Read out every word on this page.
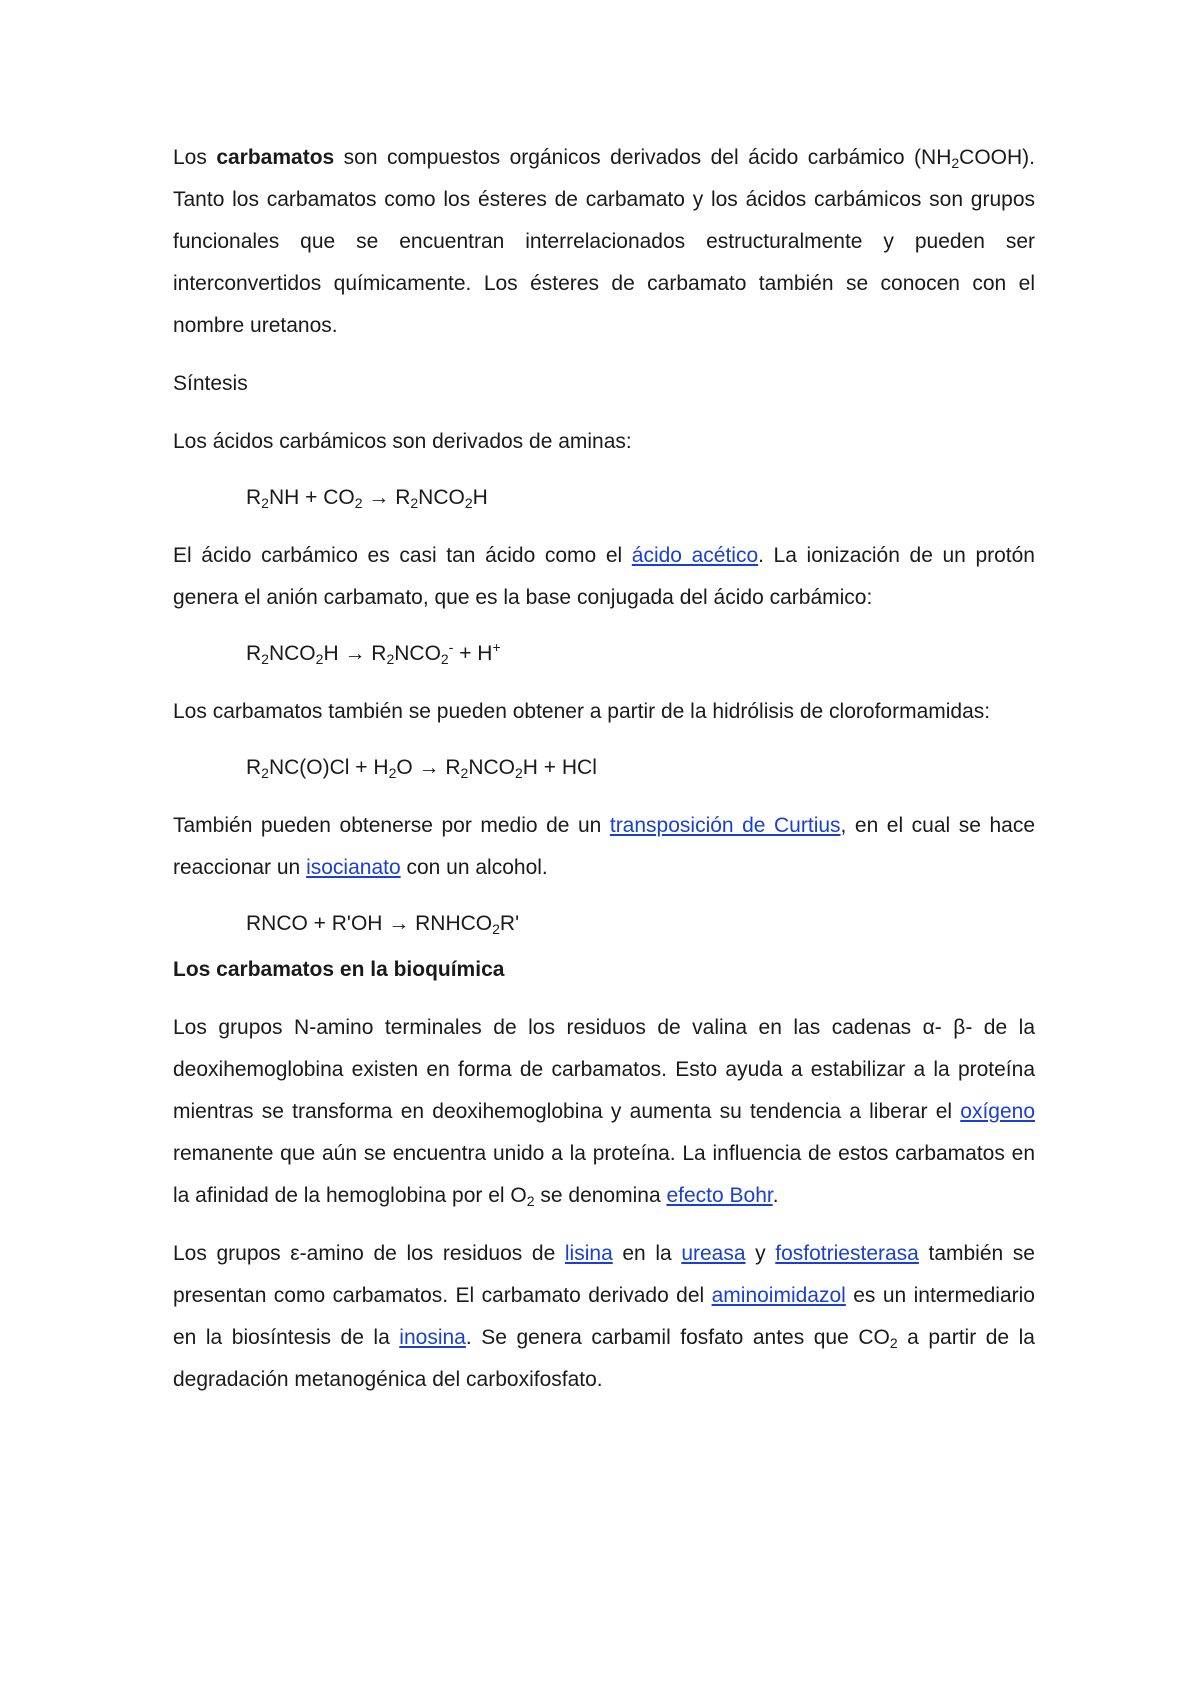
Los carbamatos son compuestos orgánicos derivados del ácido carbámico $(NH_2COOH)$. Tanto los carbamatos como los ésteres de carbamato y los ácidos carbámicos son grupos funcionales que se encuentran interrelacionados estructuralmente y pueden ser interconvertidos químicamente. Los ésteres de carbamato también se conocen con el nombre uretanos.

Síntesis

Los ácidos carbámicos son derivados de aminas:

$R_2NH + CO_2 \to R_2NCO_2H$

El ácido carbámico es casi tan ácido como el ácido acético. La ionización de un protón genera el anión carbamato, que es la base conjugada del ácido carbámico:

$R_2NCO_2H \to R_2NCO_2^- + H^+$

Los carbamatos también se pueden obtener a partir de la hidrólisis de cloroformamidas:

$R_2NC(O)Cl + H_2O \to R_2NCO_2H$ + HCl

También pueden obtenerse por medio de un transposición de Curtius, en el cual se hace reaccionar un isocianato con un alcohol.

RNCO + $R'OH \to RNHCO_2R'$

Los carbamatos en la bioquímica

Los grupos N-amino terminales de los residuos de valina en las cadenas α- β- de la deoxihemoglobina existen en forma de carbamatos. Esto ayuda a estabilizar a la proteína mientras se transforma en deoxihemoglobina y aumenta su tendencia a liberar el oxígeno remanente que aún se encuentra unido a la proteína. La influencia de estos carbamatos en la afinidad de la hemoglobina por el $O_2$ se denomina efecto Bohr.

Los grupos ε-amino de los residuos de lisina en la ureasa y fosfotriesterasa también se presentan como carbamatos. El carbamato derivado del aminoimidazol es un intermediario en la biosíntesis de la inosina. Se genera carbamil fosfato antes que $CO_2$ a partir de la degradación metanogénica del carboxifosfato.
